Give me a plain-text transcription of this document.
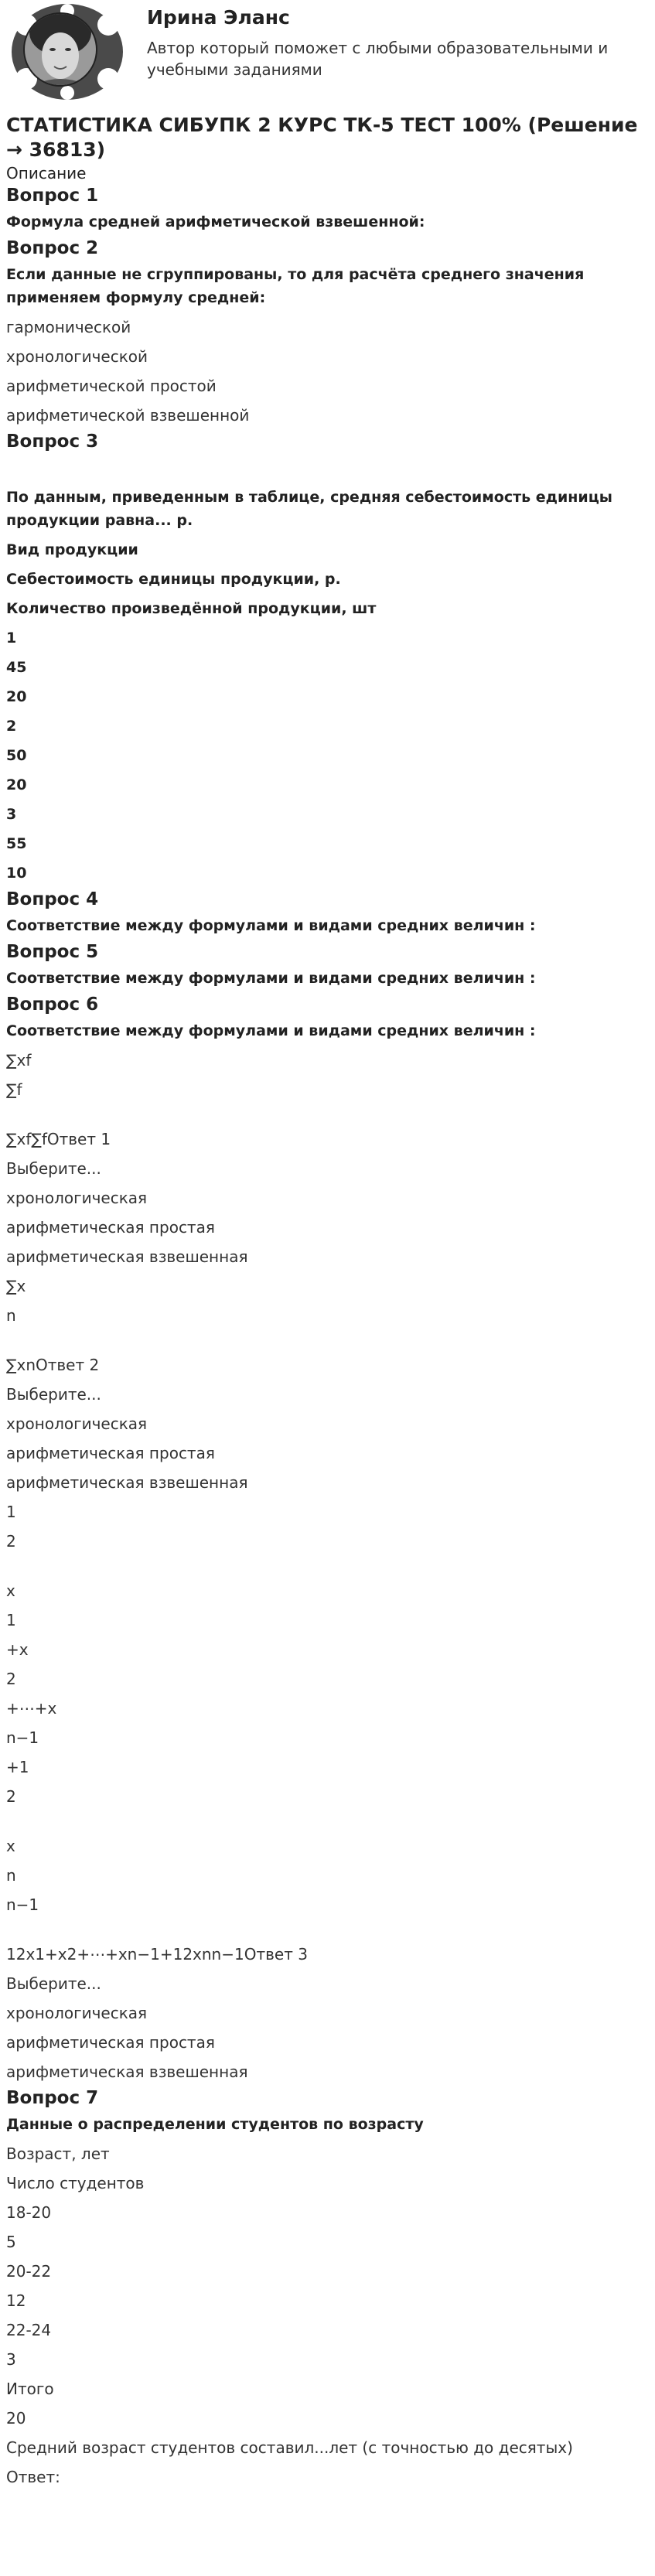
Ирина Эланс
Автор который поможет с любыми образовательными и учебными заданиями
СТАТИСТИКА СИБУПК 2 КУРС ТК-5 ТЕСТ 100% (Решение → 36813)

Описание

Вопрос 1

Формула средней арифметической взвешенной:

Вопрос 2

Если данные не сгруппированы, то для расчёта среднего значения применяем формулу средней:

гармонической

хронологической

арифметической простой

арифметической взвешенной

Вопрос 3

По данным, приведенным в таблице, средняя себестоимость единицы продукции равна... р.

Вид продукции

Себестоимость единицы продукции, р.

Количество произведённой продукции, шт

1

45

20

2

50

20

3

55

10

Вопрос 4

Соответствие между формулами и видами средних величин :

Вопрос 5

Соответствие между формулами и видами средних величин :

Вопрос 6

Соответствие между формулами и видами средних величин :

∑xf

∑f

∑xf∑fОтвет 1

Выберите...

хронологическая

арифметическая простая

арифметическая взвешенная

∑x

n

∑xnОтвет 2

Выберите...

хронологическая

арифметическая простая

арифметическая взвешенная

1

2

x

1

+x

2

+⋯+x

n−1

+1

2

x

n

n−1

12x1+x2+⋯+xn−1+12xnn−1Ответ 3

Выберите...

хронологическая

арифметическая простая

арифметическая взвешенная

Вопрос 7

Данные о распределении студентов по возрасту

Возраст, лет

Число студентов

18-20

5

20-22

12

22-24

3

Итого

20

Средний возраст студентов составил...лет (с точностью до десятых)

Ответ:
